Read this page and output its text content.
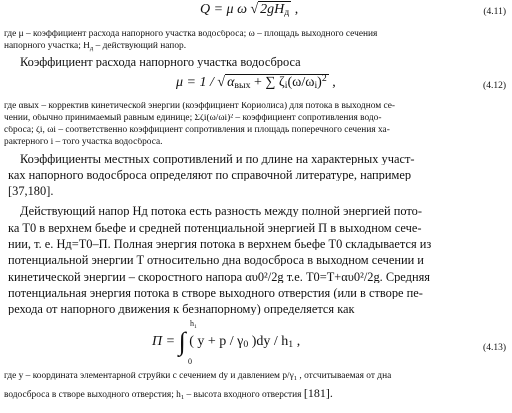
Q = μ ω √ $2gH_д$ ,	(4.11)
где μ – коэффициент расхода напорного участка водосброса; ω – площадь выходного сечения
напорного участка; $H_д$ – действующий напор.
Коэффициент расхода напорного участка водосброса
μ = 1 / √ $\alpha_{вых}$ + ∑ $\zeta_i(\omega/\omega_i)^2$ ,	(4.12)
где αвых – корректив кинетической энергии (коэффициент Кориолиса) для потока в выходном се-
чении, обычно принимаемый равным единице; Σζi(ω/ωi)² – коэффициент сопротивления водо-
сброса; ζi, ωi – соответственно коэффициент сопротивления и площадь поперечного сечения ха-
рактерного i – того участка водосброса.
Коэффициенты местных сопротивлений и по длине на характерных участ-
ках напорного водосброса определяют по справочной литературе, например
[37,180].
Действующий напор Hд потока есть разность между полной энергией пото-
ка T0 в верхнем бьефе и средней потенциальной энергией П в выходном сече-
нии, т. е. Hд=T0–П. Полная энергия потока в верхнем бьефе T0 складывается из
потенциальной энергии T относительно дна водосброса в выходном сечении и
кинетической энергии – скоростного напора αυ0²/2g т.е. T0=T+αυ0²/2g. Средняя
потенциальная энергия потока в створе выходного отверстия (или в створе пе-
рехода от напорного движения к безнапорному) определяется как
П = ∫
$h_1$
0
( $y + p / \gamma_0$ )$dy / h_1$ ,	(4.13)
где y – координата элементарной струйки с сечением dy и давлением $p/\gamma_1$ , отсчитываемая от дна
водосброса в створе выходного отверстия; $h_1$ – высота входного отверстия [181].
